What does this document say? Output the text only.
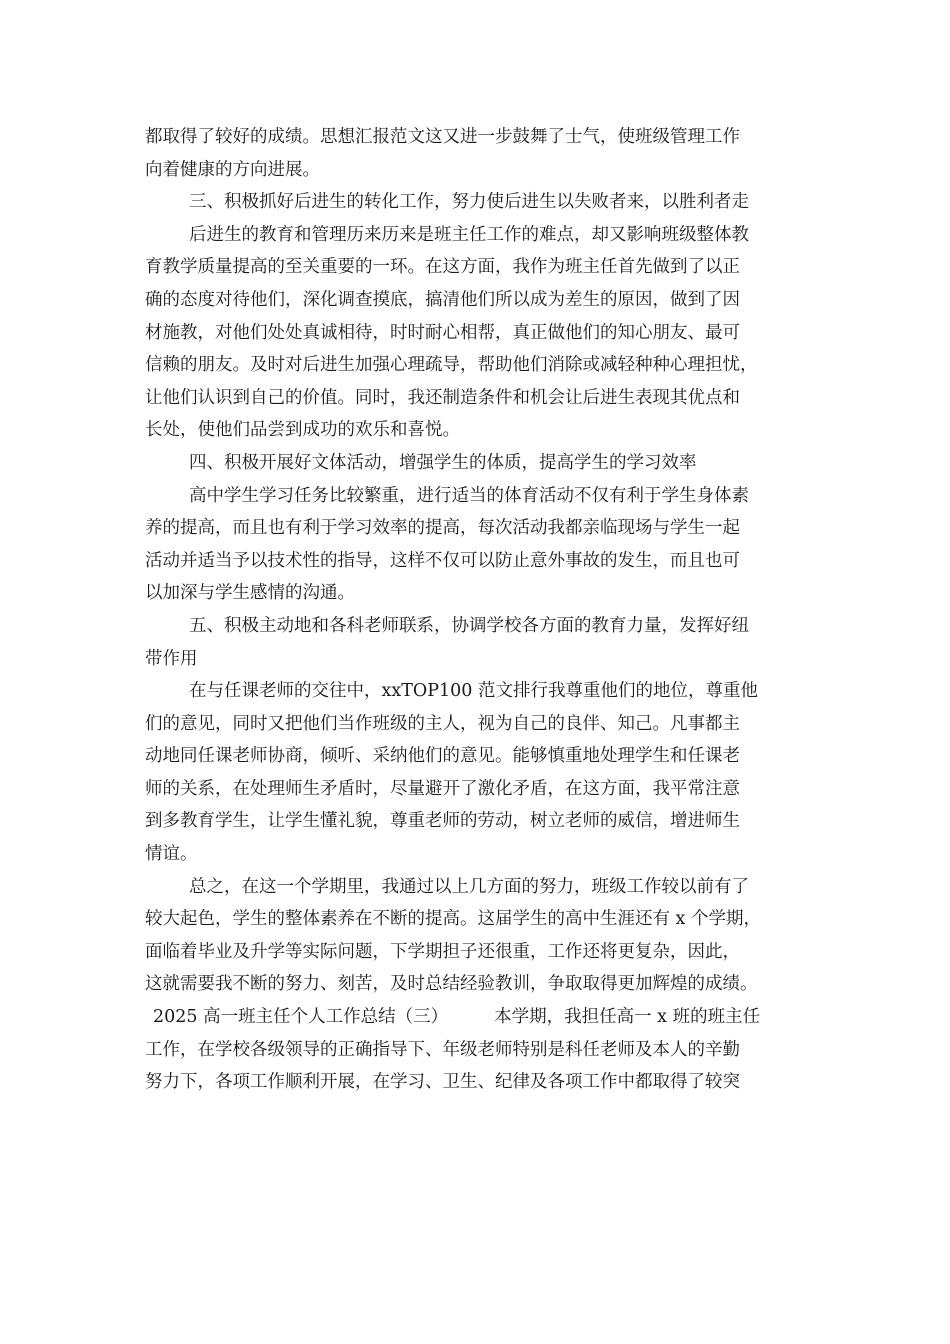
都取得了较好的成绩。思想汇报范文这又进一步鼓舞了士气，使班级管理工作
向着健康的方向进展。
三、积极抓好后进生的转化工作，努力使后进生以失败者来，以胜利者走
后进生的教育和管理历来历来是班主任工作的难点，却又影响班级整体教
育教学质量提高的至关重要的一环。在这方面，我作为班主任首先做到了以正
确的态度对待他们，深化调查摸底，搞清他们所以成为差生的原因，做到了因
材施教，对他们处处真诚相待，时时耐心相帮，真正做他们的知心朋友、最可
信赖的朋友。及时对后进生加强心理疏导，帮助他们消除或减轻种种心理担忧，
让他们认识到自己的价值。同时，我还制造条件和机会让后进生表现其优点和
长处，使他们品尝到成功的欢乐和喜悦。
四、积极开展好文体活动，增强学生的体质，提高学生的学习效率
高中学生学习任务比较繁重，进行适当的体育活动不仅有利于学生身体素
养的提高，而且也有利于学习效率的提高，每次活动我都亲临现场与学生一起
活动并适当予以技术性的指导，这样不仅可以防止意外事故的发生，而且也可
以加深与学生感情的沟通。
五、积极主动地和各科老师联系，协调学校各方面的教育力量，发挥好纽
带作用
在与任课老师的交往中，xxTOP100 范文排行我尊重他们的地位，尊重他
们的意见，同时又把他们当作班级的主人，视为自己的良伴、知己。凡事都主
动地同任课老师协商，倾听、采纳他们的意见。能够慎重地处理学生和任课老
师的关系，在处理师生矛盾时，尽量避开了激化矛盾，在这方面，我平常注意
到多教育学生，让学生懂礼貌，尊重老师的劳动，树立老师的威信，增进师生
情谊。
总之，在这一个学期里，我通过以上几方面的努力，班级工作较以前有了
较大起色，学生的整体素养在不断的提高。这届学生的高中生涯还有 x 个学期，
面临着毕业及升学等实际问题，下学期担子还很重，工作还将更复杂，因此，
这就需要我不断的努力、刻苦，及时总结经验教训，争取取得更加辉煌的成绩。
2025 高一班主任个人工作总结（三）	本学期，我担任高一 x 班的班主任
工作，在学校各级领导的正确指导下、年级老师特别是科任老师及本人的辛勤
努力下，各项工作顺利开展，在学习、卫生、纪律及各项工作中都取得了较突
